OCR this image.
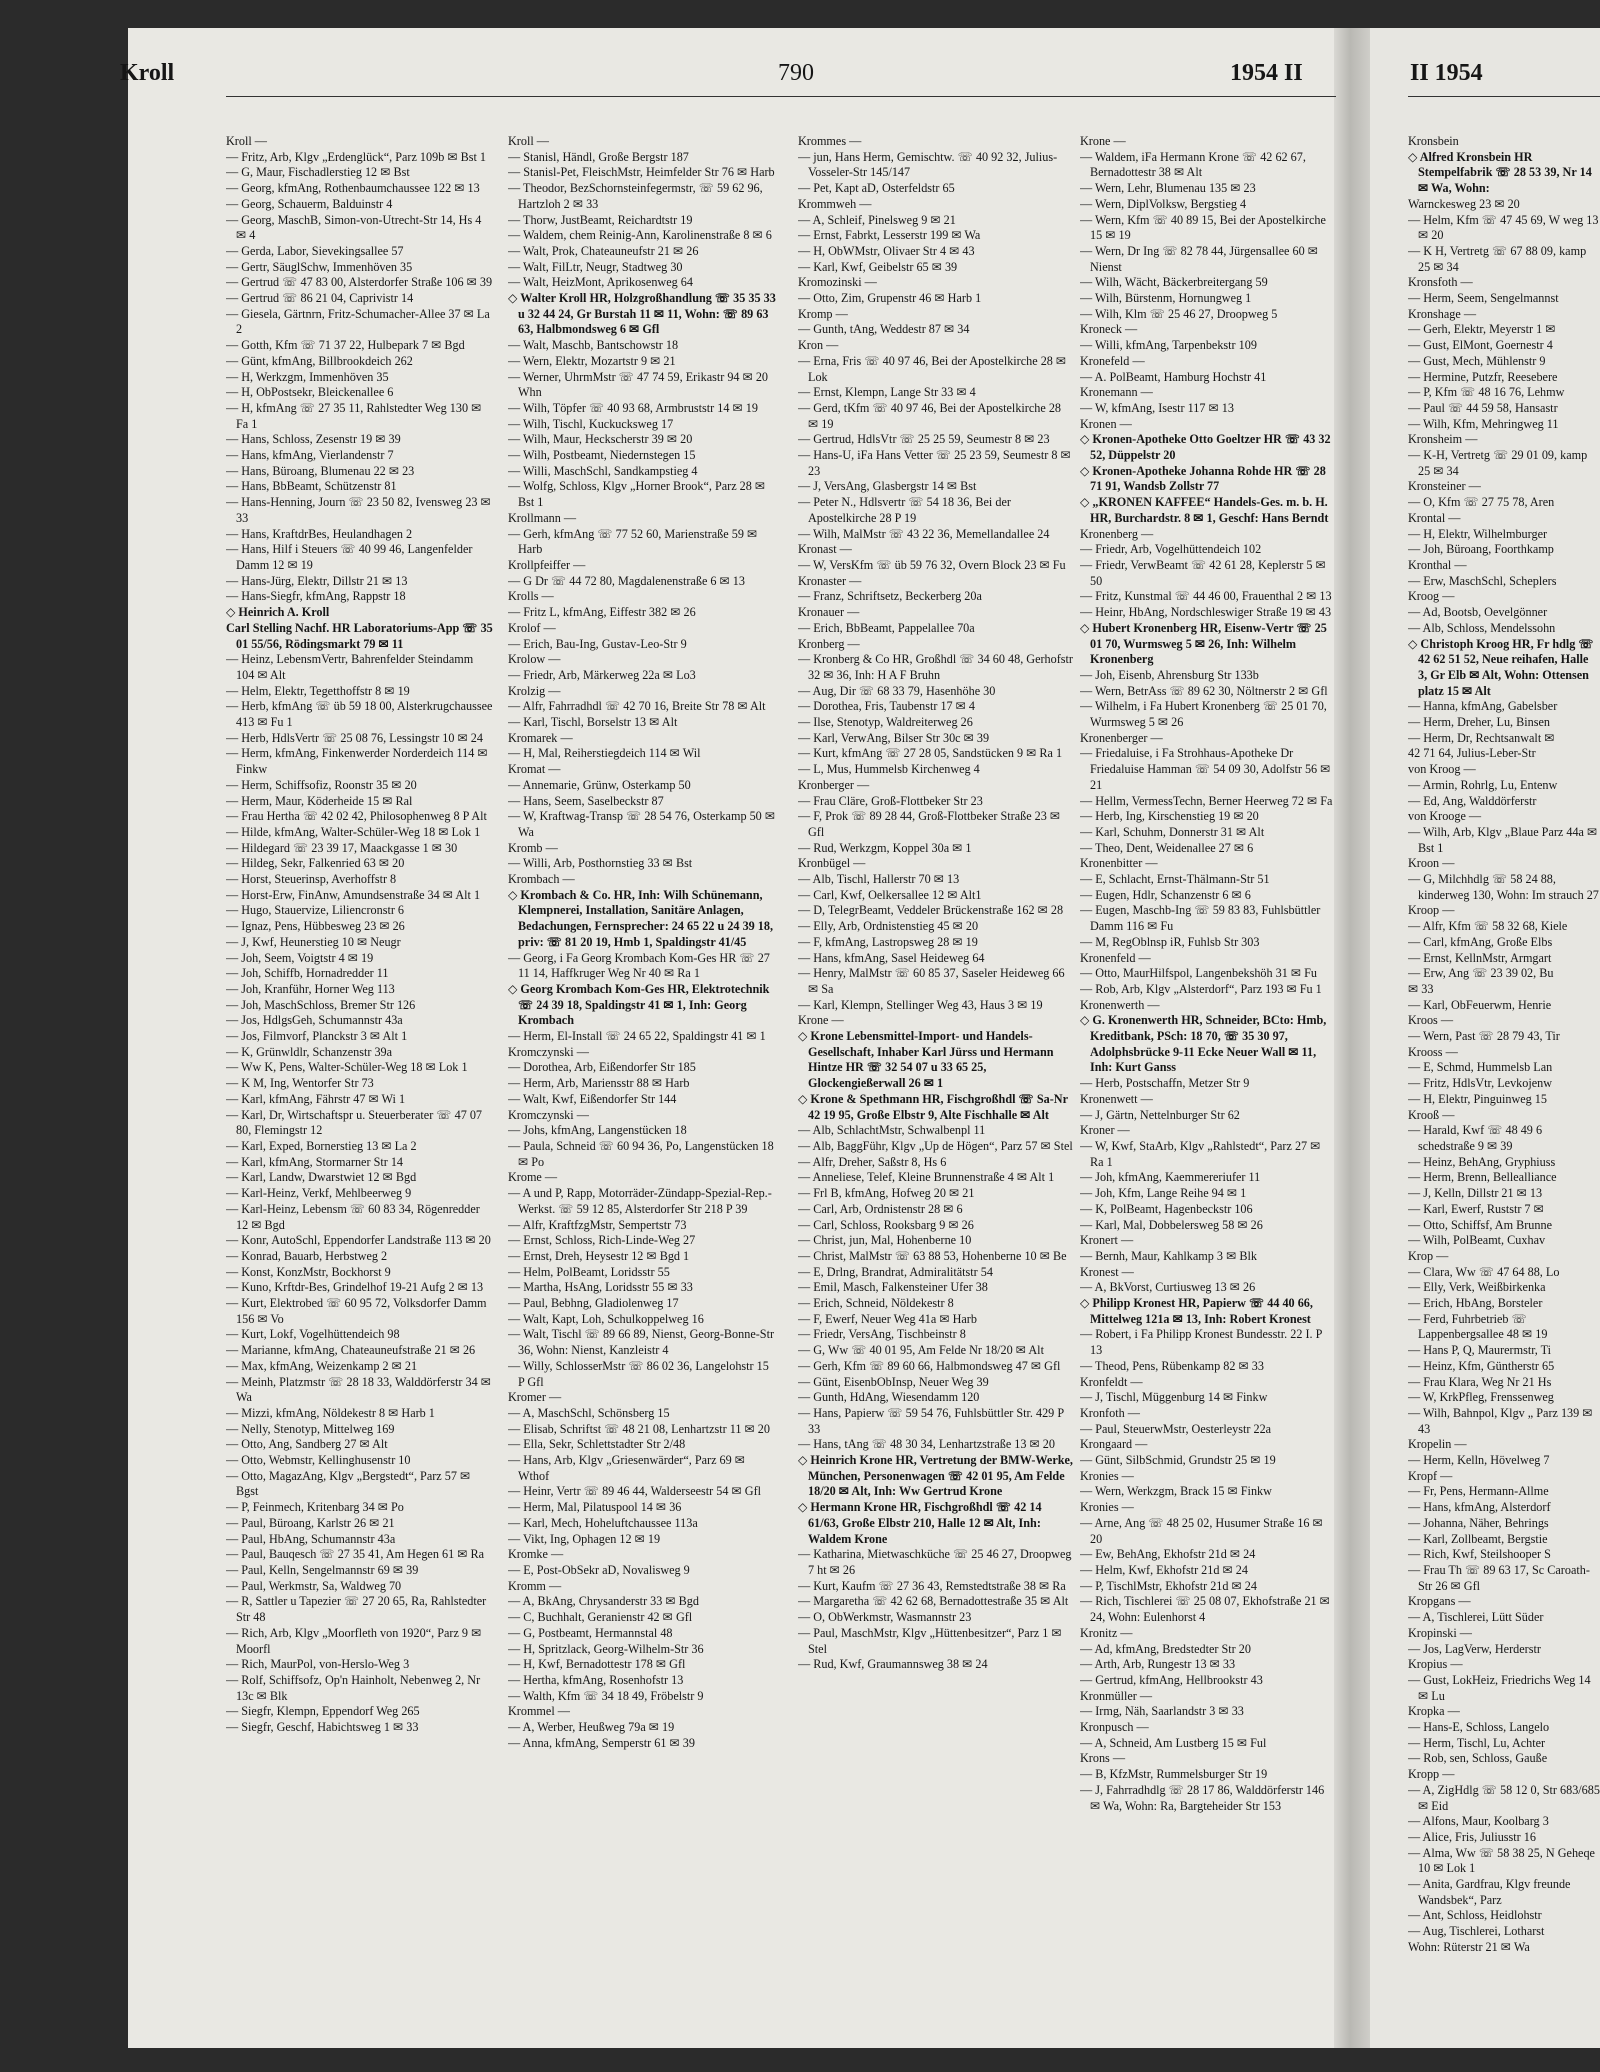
Kroll	790	1954 II	II 1954
Kroll —
— Fritz, Arb, Klgv „Erdenglück“, Parz 109b ✉ Bst 1
— G, Maur, Fischadlerstieg 12 ✉ Bst
— Georg, kfmAng, Rothenbaumchaussee 122 ✉ 13
— Georg, Schauerm, Balduinstr 4
— Georg, MaschB, Simon-von-Utrecht-Str 14, Hs 4 ✉ 4
— Gerda, Labor, Sievekingsallee 57
— Gertr, SäuglSchw, Immenhöven 35
— Gertrud ☏ 47 83 00, Alsterdorfer Straße 106 ✉ 39
— Gertrud ☏ 86 21 04, Caprivistr 14
— Giesela, Gärtnrn, Fritz-Schumacher-Allee 37 ✉ La 2
— Gotth, Kfm ☏ 71 37 22, Hulbepark 7 ✉ Bgd
— Günt, kfmAng, Billbrookdeich 262
— H, Werkzgm, Immenhöven 35
— H, ObPostsekr, Bleickenallee 6
— H, kfmAng ☏ 27 35 11, Rahlstedter Weg 130 ✉ Fa 1
— Hans, Schloss, Zesenstr 19 ✉ 39
— Hans, kfmAng, Vierlandenstr 7
— Hans, Büroang, Blumenau 22 ✉ 23
— Hans, BbBeamt, Schützenstr 81
— Hans-Henning, Journ ☏ 23 50 82, Ivensweg 23 ✉ 33
— Hans, KraftdrBes, Heulandhagen 2
— Hans, Hilf i Steuers ☏ 40 99 46, Langenfelder Damm 12 ✉ 19
— Hans-Jürg, Elektr, Dillstr 21 ✉ 13
— Hans-Siegfr, kfmAng, Rappstr 18
◇ Heinrich A. Kroll
Carl Stelling Nachf. HR Laboratoriums-App ☏ 35 01 55/56, Rödingsmarkt 79 ✉ 11
— Heinz, LebensmVertr, Bahrenfelder Steindamm 104 ✉ Alt
— Helm, Elektr, Tegetthoffstr 8 ✉ 19
— Herb, kfmAng ☏ üb 59 18 00, Alsterkrugchaussee 413 ✉ Fu 1
— Herb, HdlsVertr ☏ 25 08 76, Lessingstr 10 ✉ 24
— Herm, kfmAng, Finkenwerder Norderdeich 114 ✉ Finkw
— Herm, Schiffsofiz, Roonstr 35 ✉ 20
— Herm, Maur, Köderheide 15 ✉ Ral
— Frau Hertha ☏ 42 02 42, Philosophenweg 8 P Alt
— Hilde, kfmAng, Walter-Schüler-Weg 18 ✉ Lok 1
— Hildegard ☏ 23 39 17, Maackgasse 1 ✉ 30
— Hildeg, Sekr, Falkenried 63 ✉ 20
— Horst, Steuerinsp, Averhoffstr 8
— Horst-Erw, FinAnw, Amundsenstraße 34 ✉ Alt 1
— Hugo, Stauervize, Liliencronstr 6
— Ignaz, Pens, Hübbesweg 23 ✉ 26
— J, Kwf, Heunerstieg 10 ✉ Neugr
— Joh, Seem, Voigtstr 4 ✉ 19
— Joh, Schiffb, Hornadredder 11
— Joh, Kranführ, Horner Weg 113
— Joh, MaschSchloss, Bremer Str 126
— Jos, HdlgsGeh, Schumannstr 43a
— Jos, Filmvorf, Planckstr 3 ✉ Alt 1
— K, Grünwldlr, Schanzenstr 39a
— Ww K, Pens, Walter-Schüler-Weg 18 ✉ Lok 1
— K M, Ing, Wentorfer Str 73
— Karl, kfmAng, Fährstr 47 ✉ Wi 1
— Karl, Dr, Wirtschaftspr u. Steuerberater ☏ 47 07 80, Flemingstr 12
— Karl, Exped, Bornerstieg 13 ✉ La 2
— Karl, kfmAng, Stormarner Str 14
— Karl, Landw, Dwarstwiet 12 ✉ Bgd
— Karl-Heinz, Verkf, Mehlbeerweg 9
— Karl-Heinz, Lebensm ☏ 60 83 34, Rögenredder 12 ✉ Bgd
— Konr, AutoSchl, Eppendorfer Landstraße 113 ✉ 20
— Konrad, Bauarb, Herbstweg 2
— Konst, KonzMstr, Bockhorst 9
— Kuno, Krftdr-Bes, Grindelhof 19-21 Aufg 2 ✉ 13
— Kurt, Elektrobed ☏ 60 95 72, Volksdorfer Damm 156 ✉ Vo
— Kurt, Lokf, Vogelhüttendeich 98
— Marianne, kfmAng, Chateauneufstraße 21 ✉ 26
— Max, kfmAng, Weizenkamp 2 ✉ 21
— Meinh, Platzmstr ☏ 28 18 33, Walddörferstr 34 ✉ Wa
— Mizzi, kfmAng, Nöldekestr 8 ✉ Harb 1
— Nelly, Stenotyp, Mittelweg 169
— Otto, Ang, Sandberg 27 ✉ Alt
— Otto, Webmstr, Kellinghusenstr 10
— Otto, MagazAng, Klgv „Bergstedt“, Parz 57 ✉ Bgst
— P, Feinmech, Kritenbarg 34 ✉ Po
— Paul, Büroang, Karlstr 26 ✉ 21
— Paul, HbAng, Schumannstr 43a
— Paul, Bauqesch ☏ 27 35 41, Am Hegen 61 ✉ Ra
— Paul, Kelln, Sengelmannstr 69 ✉ 39
— Paul, Werkmstr, Sa, Waldweg 70
— R, Sattler u Tapezier ☏ 27 20 65, Ra, Rahlstedter Str 48
— Rich, Arb, Klgv „Moorfleth von 1920“, Parz 9 ✉ Moorfl
— Rich, MaurPol, von-Herslo-Weg 3
— Rolf, Schiffsofz, Op'n Hainholt, Nebenweg 2, Nr 13c ✉ Blk
— Siegfr, Klempn, Eppendorf Weg 265
— Siegfr, Geschf, Habichtsweg 1 ✉ 33
Kroll —
— Stanisl, Händl, Große Bergstr 187
— Stanisl-Pet, FleischMstr, Heimfelder Str 76 ✉ Harb
— Theodor, BezSchornsteinfegermstr, ☏ 59 62 96, Hartzloh 2 ✉ 33
— Thorw, JustBeamt, Reichardtstr 19
— Waldem, chem Reinig-Ann, Karolinenstraße 8 ✉ 6
— Walt, Prok, Chateauneufstr 21 ✉ 26
— Walt, FilLtr, Neugr, Stadtweg 30
— Walt, HeizMont, Aprikosenweg 64
◇ Walter Kroll HR, Holzgroßhandlung ☏ 35 35 33 u 32 44 24, Gr Burstah 11 ✉ 11, Wohn: ☏ 89 63 63, Halbmondsweg 6 ✉ Gfl
— Walt, Maschb, Bantschowstr 18
— Wern, Elektr, Mozartstr 9 ✉ 21
— Werner, UhrmMstr ☏ 47 74 59, Erikastr 94 ✉ 20 Whn
— Wilh, Töpfer ☏ 40 93 68, Armbruststr 14 ✉ 19
— Wilh, Tischl, Kuckucksweg 17
— Wilh, Maur, Heckscherstr 39 ✉ 20
— Wilh, Postbeamt, Niedernstegen 15
— Willi, MaschSchl, Sandkampstieg 4
— Wolfg, Schloss, Klgv „Horner Brook“, Parz 28 ✉ Bst 1
Krollmann —
— Gerh, kfmAng ☏ 77 52 60, Marienstraße 59 ✉ Harb
Krollpfeiffer —
— G Dr ☏ 44 72 80, Magdalenenstraße 6 ✉ 13
Krolls —
— Fritz L, kfmAng, Eiffestr 382 ✉ 26
Krolof —
— Erich, Bau-Ing, Gustav-Leo-Str 9
Krolow —
— Friedr, Arb, Märkerweg 22a ✉ Lo3
Krolzig —
— Alfr, Fahrradhdl ☏ 42 70 16, Breite Str 78 ✉ Alt
— Karl, Tischl, Borselstr 13 ✉ Alt
Kromarek —
— H, Mal, Reiherstiegdeich 114 ✉ Wil
Kromat —
— Annemarie, Grünw, Osterkamp 50
— Hans, Seem, Saselbeckstr 87
— W, Kraftwag-Transp ☏ 28 54 76, Osterkamp 50 ✉ Wa
Kromb —
— Willi, Arb, Posthornstieg 33 ✉ Bst
Krombach —
◇ Krombach & Co. HR, Inh: Wilh Schünemann, Klempnerei, Installation, Sanitäre Anlagen, Bedachungen, Fernsprecher: 24 65 22 u 24 39 18, priv: ☏ 81 20 19, Hmb 1, Spaldingstr 41/45
— Georg, i Fa Georg Krombach Kom-Ges HR ☏ 27 11 14, Haffkruger Weg Nr 40 ✉ Ra 1
◇ Georg Krombach Kom-Ges HR, Elektrotechnik ☏ 24 39 18, Spaldingstr 41 ✉ 1, Inh: Georg Krombach
— Herm, El-Install ☏ 24 65 22, Spaldingstr 41 ✉ 1
Kromczynski —
— Dorothea, Arb, Eißendorfer Str 185
— Herm, Arb, Mariensstr 88 ✉ Harb
— Walt, Kwf, Eißendorfer Str 144
Kromczynski —
— Johs, kfmAng, Langenstücken 18
— Paula, Schneid ☏ 60 94 36, Po, Langenstücken 18 ✉ Po
Krome —
— A und P, Rapp, Motorräder-Zündapp-Spezial-Rep.-Werkst. ☏ 59 12 85, Alsterdorfer Str 218 P 39
— Alfr, KraftfzgMstr, Sempertstr 73
— Ernst, Schloss, Rich-Linde-Weg 27
— Ernst, Dreh, Heysestr 12 ✉ Bgd 1
— Helm, PolBeamt, Loridsstr 55
— Martha, HsAng, Loridsstr 55 ✉ 33
— Paul, Bebhng, Gladiolenweg 17
— Walt, Kapt, Loh, Schulkoppelweg 16
— Walt, Tischl ☏ 89 66 89, Nienst, Georg-Bonne-Str 36, Wohn: Nienst, Kanzleistr 4
— Willy, SchlosserMstr ☏ 86 02 36, Langelohstr 15 P Gfl
Kromer —
— A, MaschSchl, Schönsberg 15
— Elisab, Schriftst ☏ 48 21 08, Lenhartzstr 11 ✉ 20
— Ella, Sekr, Schlettstadter Str 2/48
— Hans, Arb, Klgv „Griesenwärder“, Parz 69 ✉ Wthof
— Heinr, Vertr ☏ 89 46 44, Walderseestr 54 ✉ Gfl
— Herm, Mal, Pilatuspool 14 ✉ 36
— Karl, Mech, Hoheluftchaussee 113a
— Vikt, Ing, Ophagen 12 ✉ 19
Kromke —
— E, Post-ObSekr aD, Novalisweg 9
Kromm —
— A, BkAng, Chrysanderstr 33 ✉ Bgd
— C, Buchhalt, Geranienstr 42 ✉ Gfl
— G, Postbeamt, Hermannstal 48
— H, Spritzlack, Georg-Wilhelm-Str 36
— H, Kwf, Bernadottestr 178 ✉ Gfl
— Hertha, kfmAng, Rosenhofstr 13
— Walth, Kfm ☏ 34 18 49, Fröbelstr 9
Krommel —
— A, Werber, Heußweg 79a ✉ 19
— Anna, kfmAng, Semperstr 61 ✉ 39
Krommes —
— jun, Hans Herm, Gemischtw. ☏ 40 92 32, Julius-Vosseler-Str 145/147
— Pet, Kapt aD, Osterfeldstr 65
Krommweh —
— A, Schleif, Pinelsweg 9 ✉ 21
— Ernst, Fabrkt, Lesserstr 199 ✉ Wa
— H, ObWMstr, Olivaer Str 4 ✉ 43
— Karl, Kwf, Geibelstr 65 ✉ 39
Kromozinski —
— Otto, Zim, Grupenstr 46 ✉ Harb 1
Kromp —
— Gunth, tAng, Weddestr 87 ✉ 34
Kron —
— Erna, Fris ☏ 40 97 46, Bei der Apostelkirche 28 ✉ Lok
— Ernst, Klempn, Lange Str 33 ✉ 4
— Gerd, tKfm ☏ 40 97 46, Bei der Apostelkirche 28 ✉ 19
— Gertrud, HdlsVtr ☏ 25 25 59, Seumestr 8 ✉ 23
— Hans-U, iFa Hans Vetter ☏ 25 23 59, Seumestr 8 ✉ 23
— J, VersAng, Glasbergstr 14 ✉ Bst
— Peter N., Hdlsvertr ☏ 54 18 36, Bei der Apostelkirche 28 P 19
— Wilh, MalMstr ☏ 43 22 36, Memellandallee 24
Kronast —
— W, VersKfm ☏ üb 59 76 32, Overn Block 23 ✉ Fu
Kronaster —
— Franz, Schriftsetz, Beckerberg 20a
Kronauer —
— Erich, BbBeamt, Pappelallee 70a
Kronberg —
— Kronberg & Co HR, Großhdl ☏ 34 60 48, Gerhofstr 32 ✉ 36, Inh: H A F Bruhn
— Aug, Dir ☏ 68 33 79, Hasenhöhe 30
— Dorothea, Fris, Taubenstr 17 ✉ 4
— Ilse, Stenotyp, Waldreiterweg 26
— Karl, VerwAng, Bilser Str 30c ✉ 39
— Kurt, kfmAng ☏ 27 28 05, Sandstücken 9 ✉ Ra 1
— L, Mus, Hummelsb Kirchenweg 4
Kronberger —
— Frau Cläre, Groß-Flottbeker Str 23
— F, Prok ☏ 89 28 44, Groß-Flottbeker Straße 23 ✉ Gfl
— Rud, Werkzgm, Koppel 30a ✉ 1
Kronbügel —
— Alb, Tischl, Hallerstr 70 ✉ 13
— Carl, Kwf, Oelkersallee 12 ✉ Alt1
— D, TelegrBeamt, Veddeler Brückenstraße 162 ✉ 28
— Elly, Arb, Ordnistenstieg 45 ✉ 20
— F, kfmAng, Lastropsweg 28 ✉ 19
— Hans, kfmAng, Sasel Heideweg 64
— Henry, MalMstr ☏ 60 85 37, Saseler Heideweg 66 ✉ Sa
— Karl, Klempn, Stellinger Weg 43, Haus 3 ✉ 19
Krone —
◇ Krone Lebensmittel-Import- und Handels-Gesellschaft, Inhaber Karl Jürss und Hermann Hintze HR ☏ 32 54 07 u 33 65 25, Glockengießerwall 26 ✉ 1
◇ Krone & Spethmann HR, Fischgroßhdl ☏ Sa-Nr 42 19 95, Große Elbstr 9, Alte Fischhalle ✉ Alt
— Alb, SchlachtMstr, Schwalbenpl 11
— Alb, BaggFühr, Klgv „Up de Högen“, Parz 57 ✉ Stel
— Alfr, Dreher, Saßstr 8, Hs 6
— Anneliese, Telef, Kleine Brunnenstraße 4 ✉ Alt 1
— Frl B, kfmAng, Hofweg 20 ✉ 21
— Carl, Arb, Ordnistenstr 28 ✉ 6
— Carl, Schloss, Rooksbarg 9 ✉ 26
— Christ, jun, Mal, Hohenberne 10
— Christ, MalMstr ☏ 63 88 53, Hohenberne 10 ✉ Be
— E, Drlng, Brandrat, Admiralitätstr 54
— Emil, Masch, Falkensteiner Ufer 38
— Erich, Schneid, Nöldekestr 8
— F, Ewerf, Neuer Weg 41a ✉ Harb
— Friedr, VersAng, Tischbeinstr 8
— G, Ww ☏ 40 01 95, Am Felde Nr 18/20 ✉ Alt
— Gerh, Kfm ☏ 89 60 66, Halbmondsweg 47 ✉ Gfl
— Günt, EisenbObInsp, Neuer Weg 39
— Gunth, HdAng, Wiesendamm 120
— Hans, Papierw ☏ 59 54 76, Fuhlsbüttler Str. 429 P 33
— Hans, tAng ☏ 48 30 34, Lenhartzstraße 13 ✉ 20
◇ Heinrich Krone HR, Vertretung der BMW-Werke, München, Personenwagen ☏ 42 01 95, Am Felde 18/20 ✉ Alt, Inh: Ww Gertrud Krone
◇ Hermann Krone HR, Fischgroßhdl ☏ 42 14 61/63, Große Elbstr 210, Halle 12 ✉ Alt, Inh: Waldem Krone
— Katharina, Mietwaschküche ☏ 25 46 27, Droopweg 7 ht ✉ 26
— Kurt, Kaufm ☏ 27 36 43, Remstedtstraße 38 ✉ Ra
— Margaretha ☏ 42 62 68, Bernadottestraße 35 ✉ Alt
— O, ObWerkmstr, Wasmannstr 23
— Paul, MaschMstr, Klgv „Hüttenbesitzer“, Parz 1 ✉ Stel
— Rud, Kwf, Graumannsweg 38 ✉ 24
Krone —
— Waldem, iFa Hermann Krone ☏ 42 62 67, Bernadottestr 38 ✉ Alt
— Wern, Lehr, Blumenau 135 ✉ 23
— Wern, DiplVolksw, Bergstieg 4
— Wern, Kfm ☏ 40 89 15, Bei der Apostelkirche 15 ✉ 19
— Wern, Dr Ing ☏ 82 78 44, Jürgensallee 60 ✉ Nienst
— Wilh, Wächt, Bäckerbreitergang 59
— Wilh, Bürstenm, Hornungweg 1
— Wilh, Klm ☏ 25 46 27, Droopweg 5
Kroneck —
— Willi, kfmAng, Tarpenbekstr 109
Kronefeld —
— A. PolBeamt, Hamburg Hochstr 41
Kronemann —
— W, kfmAng, Isestr 117 ✉ 13
Kronen —
◇ Kronen-Apotheke Otto Goeltzer HR ☏ 43 32 52, Düppelstr 20
◇ Kronen-Apotheke Johanna Rohde HR ☏ 28 71 91, Wandsb Zollstr 77
◇ „KRONEN KAFFEE“ Handels-Ges. m. b. H. HR, Burchardstr. 8 ✉ 1, Geschf: Hans Berndt
Kronenberg —
— Friedr, Arb, Vogelhüttendeich 102
— Friedr, VerwBeamt ☏ 42 61 28, Keplerstr 5 ✉ 50
— Fritz, Kunstmal ☏ 44 46 00, Frauenthal 2 ✉ 13
— Heinr, HbAng, Nordschleswiger Straße 19 ✉ 43
◇ Hubert Kronenberg HR, Eisenw-Vertr ☏ 25 01 70, Wurmsweg 5 ✉ 26, Inh: Wilhelm Kronenberg
— Joh, Eisenb, Ahrensburg Str 133b
— Wern, BetrAss ☏ 89 62 30, Nöltnerstr 2 ✉ Gfl
— Wilhelm, i Fa Hubert Kronenberg ☏ 25 01 70, Wurmsweg 5 ✉ 26
Kronenberger —
— Friedaluise, i Fa Strohhaus-Apotheke Dr Friedaluise Hamman ☏ 54 09 30, Adolfstr 56 ✉ 21
— Hellm, VermessTechn, Berner Heerweg 72 ✉ Fa
— Herb, Ing, Kirschenstieg 19 ✉ 20
— Karl, Schuhm, Donnerstr 31 ✉ Alt
— Theo, Dent, Weidenallee 27 ✉ 6
Kronenbitter —
— E, Schlacht, Ernst-Thälmann-Str 51
— Eugen, Hdlr, Schanzenstr 6 ✉ 6
— Eugen, Maschb-Ing ☏ 59 83 83, Fuhlsbüttler Damm 116 ✉ Fu
— M, RegOblnsp iR, Fuhlsb Str 303
Kronenfeld —
— Otto, MaurHilfspol, Langenbekshöh 31 ✉ Fu
— Rob, Arb, Klgv „Alsterdorf“, Parz 193 ✉ Fu 1
Kronenwerth —
◇ G. Kronenwerth HR, Schneider, BCto: Hmb, Kreditbank, PSch: 18 70, ☏ 35 30 97, Adolphsbrücke 9-11 Ecke Neuer Wall ✉ 11, Inh: Kurt Ganss
— Herb, Postschaffn, Metzer Str 9
Kronenwett —
— J, Gärtn, Nettelnburger Str 62
Kroner —
— W, Kwf, StaArb, Klgv „Rahlstedt“, Parz 27 ✉ Ra 1
— Joh, kfmAng, Kaemmereriufer 11
— Joh, Kfm, Lange Reihe 94 ✉ 1
— K, PolBeamt, Hagenbeckstr 106
— Karl, Mal, Dobbelersweg 58 ✉ 26
Kronert —
— Bernh, Maur, Kahlkamp 3 ✉ Blk
Kronest —
— A, BkVorst, Curtiusweg 13 ✉ 26
◇ Philipp Kronest HR, Papierw ☏ 44 40 66, Mittelweg 121a ✉ 13, Inh: Robert Kronest
— Robert, i Fa Philipp Kronest Bundesstr. 22 I. P 13
— Theod, Pens, Rübenkamp 82 ✉ 33
Kronfeldt —
— J, Tischl, Müggenburg 14 ✉ Finkw
Kronfoth —
— Paul, SteuerwMstr, Oesterleystr 22a
Krongaard —
— Günt, SilbSchmid, Grundstr 25 ✉ 19
Kronies —
— Wern, Werkzgm, Brack 15 ✉ Finkw
Kronies —
— Arne, Ang ☏ 48 25 02, Husumer Straße 16 ✉ 20
— Ew, BehAng, Ekhofstr 21d ✉ 24
— Helm, Kwf, Ekhofstr 21d ✉ 24
— P, TischlMstr, Ekhofstr 21d ✉ 24
— Rich, Tischlerei ☏ 25 08 07, Ekhofstraße 21 ✉ 24, Wohn: Eulenhorst 4
Kronitz —
— Ad, kfmAng, Bredstedter Str 20
— Arth, Arb, Rungestr 13 ✉ 33
— Gertrud, kfmAng, Hellbrookstr 43
Kronmüller —
— Irmg, Näh, Saarlandstr 3 ✉ 33
Kronpusch —
— A, Schneid, Am Lustberg 15 ✉ Ful
Krons —
— B, KfzMstr, Rummelsburger Str 19
— J, Fahrradhdlg ☏ 28 17 86, Walddörferstr 146 ✉ Wa, Wohn: Ra, Bargteheider Str 153
Kronsbein
◇ Alfred Kronsbein HR Stempelfabrik ☏ 28 53 39, Nr 14 ✉ Wa, Wohn:
Warnckesweg 23 ✉ 20
— Helm, Kfm ☏ 47 45 69, W weg 13 ✉ 20
— K H, Vertretg ☏ 67 88 09, kamp 25 ✉ 34
Kronsfoth —
— Herm, Seem, Sengelmannst
Kronshage —
— Gerh, Elektr, Meyerstr 1 ✉
— Gust, ElMont, Goernestr 4
— Gust, Mech, Mühlenstr 9
— Hermine, Putzfr, Reesebere
— P, Kfm ☏ 48 16 76, Lehmw
— Paul ☏ 44 59 58, Hansastr
— Wilh, Kfm, Mehringweg 11
Kronsheim —
— K-H, Vertretg ☏ 29 01 09, kamp 25 ✉ 34
Kronsteiner —
— O, Kfm ☏ 27 75 78, Aren
Krontal —
— H, Elektr, Wilhelmburger
— Joh, Büroang, Foorthkamp
Kronthal —
— Erw, MaschSchl, Scheplers
Kroog —
— Ad, Bootsb, Oevelgönner
— Alb, Schloss, Mendelssohn
◇ Christoph Kroog HR, Fr hdlg ☏ 42 62 51 52, Neue reihafen, Halle 3, Gr Elb ✉ Alt, Wohn: Ottensen platz 15 ✉ Alt
— Hanna, kfmAng, Gabelsber
— Herm, Dreher, Lu, Binsen
— Herm, Dr, Rechtsanwalt ✉
42 71 64, Julius-Leber-Str
von Kroog —
— Armin, Rohrlg, Lu, Entenw
— Ed, Ang, Walddörferstr
von Kroogе —
— Wilh, Arb, Klgv „Blaue Parz 44a ✉ Bst 1
Kroon —
— G, Milchhdlg ☏ 58 24 88, kinderweg 130, Wohn: Im strauch 27
Kroop —
— Alfr, Kfm ☏ 58 32 68, Kiele
— Carl, kfmAng, Große Elbs
— Ernst, KellnMstr, Armgart
— Erw, Ang ☏ 23 39 02, Bu
✉ 33
— Karl, ObFeuerwm, Henrie
Kroos —
— Wern, Past ☏ 28 79 43, Tir
Krooss —
— E, Schmd, Hummelsb Lan
— Fritz, HdlsVtr, Levkojenw
— H, Elektr, Pinguinweg 15
Krooß —
— Harald, Kwf ☏ 48 49 6 schedstraße 9 ✉ 39
— Heinz, BehAng, Gryphiuss
— Herm, Brenn, Bellealliance
— J, Kelln, Dillstr 21 ✉ 13
— Karl, Ewerf, Ruststr 7 ✉
— Otto, Schiffsf, Am Brunne
— Wilh, PolBeamt, Cuxhav
Krop —
— Clara, Ww ☏ 47 64 88, Lo
— Elly, Verk, Weißbirkenka
— Erich, HbAng, Borsteler
— Ferd, Fuhrbetrieb ☏ Lappenbergsallee 48 ✉ 19
— Hans P, Q, Maurermstr, Ti
— Heinz, Kfm, Güntherstr 65
— Frau Klara, Weg Nr 21 Hs
— W, KrkPfleg, Frenssenweg
— Wilh, Bahnpol, Klgv „ Parz 139 ✉ 43
Kropelin —
— Herm, Kelln, Hövelweg 7
Kropf —
— Fr, Pens, Hermann-Allme
— Hans, kfmAng, Alsterdorf
— Johanna, Näher, Behrings
— Karl, Zollbeamt, Bergstie
— Rich, Kwf, Steilshooper S
— Frau Th ☏ 89 63 17, Sc Caroath-Str 26 ✉ Gfl
Kropgans —
— A, Tischlerei, Lütt Süder
Kropinski —
— Jos, LagVerw, Herderstr
Kropius —
— Gust, LokHeiz, Friedrichs Weg 14 ✉ Lu
Kropka —
— Hans-E, Schloss, Langelo
— Herm, Tischl, Lu, Achter
— Rob, sen, Schloss, Gauße
Kropp —
— A, ZigHdlg ☏ 58 12 0, Str 683/685 ✉ Eid
— Alfons, Maur, Koolbarg 3
— Alice, Fris, Juliusstr 16
— Alma, Ww ☏ 58 38 25, N Geheqe 10 ✉ Lok 1
— Anita, Gardfrau, Klgv freunde Wandsbek“, Parz
— Ant, Schloss, Heidlohstr
— Aug, Tischlerei, Lotharst
Wohn: Rüterstr 21 ✉ Wa
